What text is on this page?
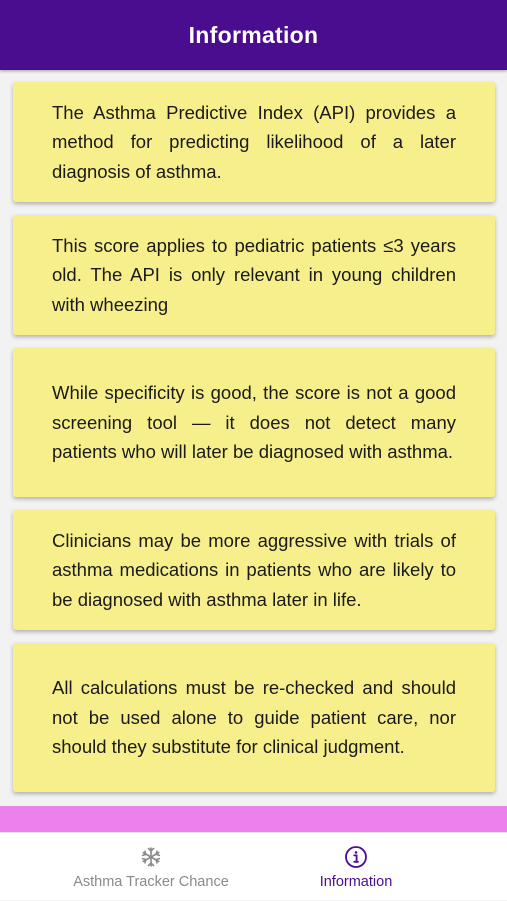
Information

The Asthma Predictive Index (API) provides a method for predicting likelihood of a later diagnosis of asthma.

This score applies to pediatric patients ≤3 years old. The API is only relevant in young children with wheezing

While specificity is good, the score is not a good screening tool — it does not detect many patients who will later be diagnosed with asthma.

Clinicians may be more aggressive with trials of asthma medications in patients who are likely to be diagnosed with asthma later in life.

All calculations must be re-checked and should not be used alone to guide patient care, nor should they substitute for clinical judgment.

Asthma Tracker Chance	Information
